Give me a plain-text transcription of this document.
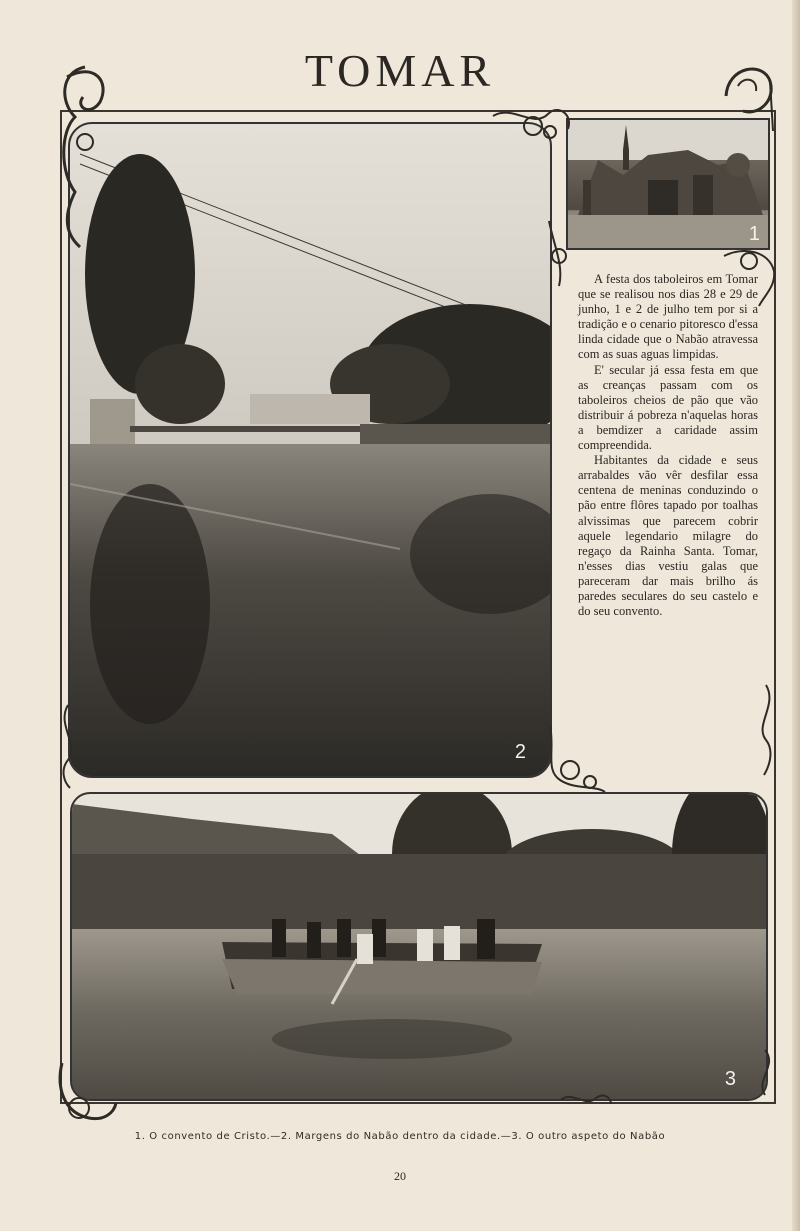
TOMAR
1
2
3

A festa dos taboleiros em Tomar que se realisou nos dias 28 e 29 de junho, 1 e 2 de julho tem por si a tradição e o cenario pitoresco d'essa linda cidade que o Nabão atravessa com as suas aguas limpidas.

E' secular já essa festa em que as creanças passam com os taboleiros cheios de pão que vão distribuir á pobreza n'aquelas horas a bemdizer a caridade assim compreendida.

Habitantes da cidade e seus arrabaldes vão vêr desfilar essa centena de meninas conduzindo o pão entre flôres tapado por toalhas alvissimas que parecem cobrir aquele legendario milagre do regaço da Rainha Santa. Tomar, n'esses dias vestiu galas que pareceram dar mais brilho ás paredes seculares do seu castelo e do seu convento.

1. O convento de Cristo.—2. Margens do Nabão dentro da cidade.—3. O outro aspeto do Nabão
20
